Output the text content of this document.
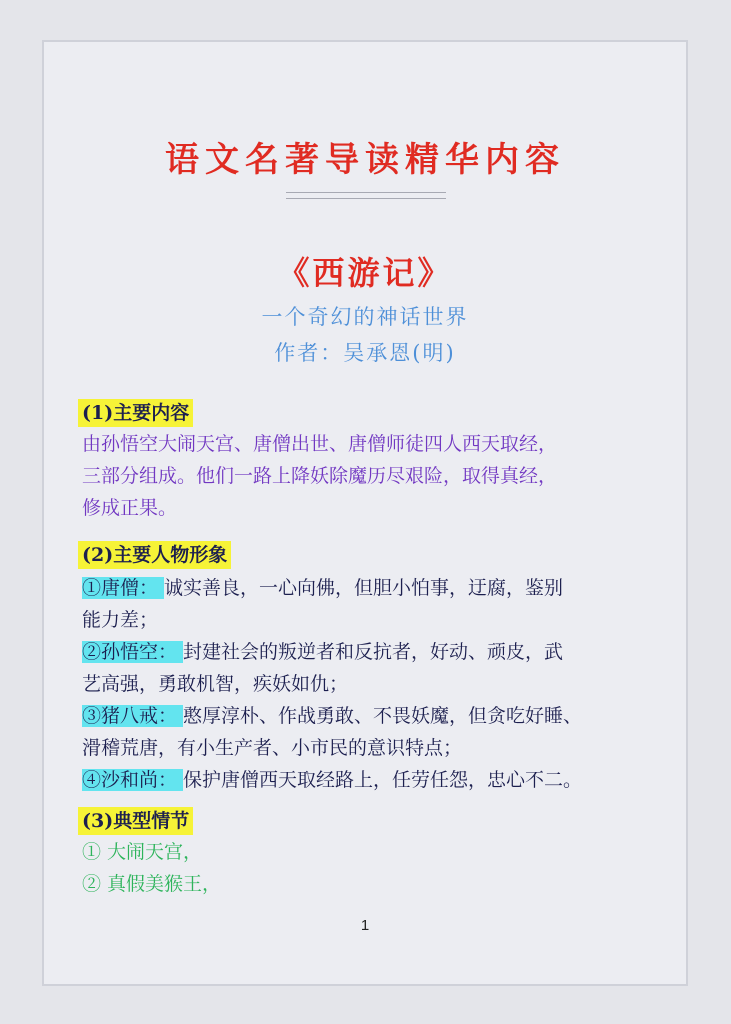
语文名著导读精华内容
《西游记》
一个奇幻的神话世界
作者：吴承恩(明)
(1)主要内容
由孙悟空大闹天宫、唐僧出世、唐僧师徒四人西天取经，
三部分组成。他们一路上降妖除魔历尽艰险，取得真经，
修成正果。
(2)主要人物形象
①唐僧： 诚实善良，一心向佛，但胆小怕事，迂腐，鉴别
能力差；
②孙悟空： 封建社会的叛逆者和反抗者，好动、顽皮，武
艺高强，勇敢机智，疾妖如仇；
③猪八戒： 憨厚淳朴、作战勇敢、不畏妖魔，但贪吃好睡、
滑稽荒唐，有小生产者、小市民的意识特点；
④沙和尚： 保护唐僧西天取经路上，任劳任怨，忠心不二。
(3)典型情节
① 大闹天宫，
② 真假美猴王，
1
